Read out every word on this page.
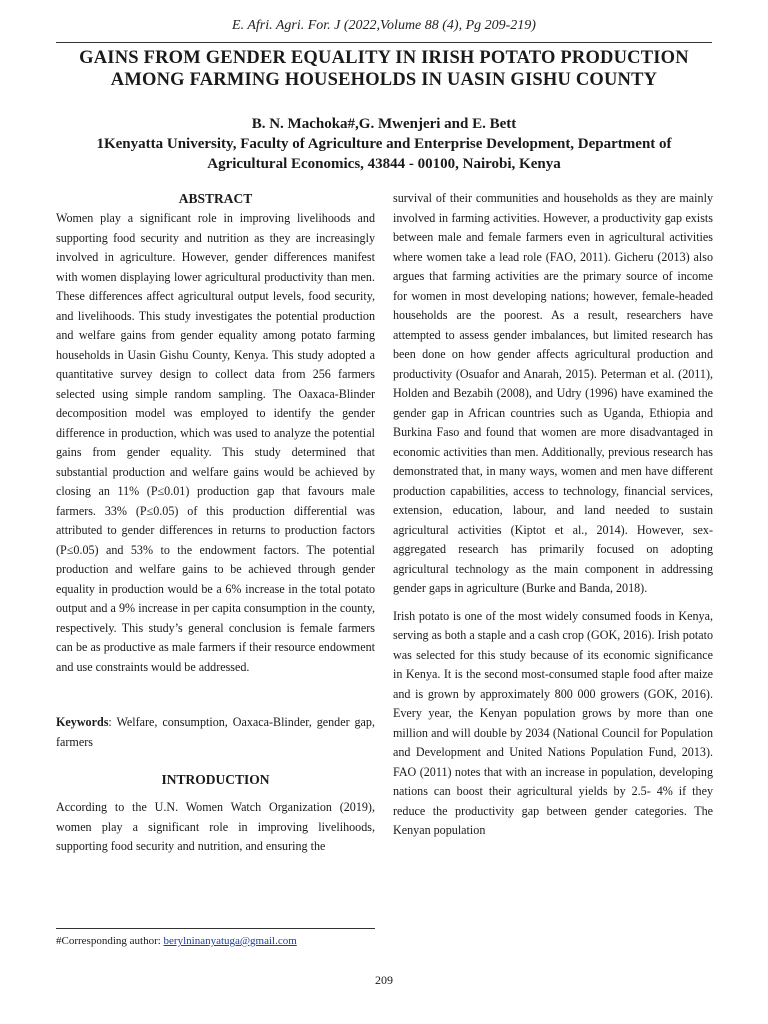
E. Afri. Agri. For. J (2022,Volume 88 (4), Pg 209-219)
GAINS FROM GENDER EQUALITY IN IRISH POTATO PRODUCTION
AMONG FARMING HOUSEHOLDS IN UASIN GISHU COUNTY
B. N. Machoka#,G. Mwenjeri and E. Bett
1Kenyatta University, Faculty of Agriculture and Enterprise Development, Department of
Agricultural Economics, 43844 - 00100, Nairobi, Kenya
ABSTRACT

Women play a significant role in improving livelihoods and supporting food security and nutrition as they are increasingly involved in agriculture. However, gender differences manifest with women displaying lower agricultural productivity than men. These differences affect agricultural output levels, food security, and livelihoods. This study investigates the potential production and welfare gains from gender equality among potato farming households in Uasin Gishu County, Kenya. This study adopted a quantitative survey design to collect data from 256 farmers selected using simple random sampling. The Oaxaca-Blinder decomposition model was employed to identify the gender difference in production, which was used to analyze the potential gains from gender equality. This study determined that substantial production and welfare gains would be achieved by closing an 11% (P≤0.01) production gap that favours male farmers. 33% (P≤0.05) of this production differential was attributed to gender differences in returns to production factors (P≤0.05) and 53% to the endowment factors. The potential production and welfare gains to be achieved through gender equality in production would be a 6% increase in the total potato output and a 9% increase in per capita consumption in the county, respectively. This study’s general conclusion is female farmers can be as productive as male farmers if their resource endowment and use constraints would be addressed.

Keywords: Welfare, consumption, Oaxaca-Blinder, gender gap, farmers

INTRODUCTION

According to the U.N. Women Watch Organization (2019), women play a significant role in improving livelihoods, supporting food security and nutrition, and ensuring the

survival of their communities and households as they are mainly involved in farming activities. However, a productivity gap exists between male and female farmers even in agricultural activities where women take a lead role (FAO, 2011). Gicheru (2013) also argues that farming activities are the primary source of income for women in most developing nations; however, female-headed households are the poorest. As a result, researchers have attempted to assess gender imbalances, but limited research has been done on how gender affects agricultural production and productivity (Osuafor and Anarah, 2015). Peterman et al. (2011), Holden and Bezabih (2008), and Udry (1996) have examined the gender gap in African countries such as Uganda, Ethiopia and Burkina Faso and found that women are more disadvantaged in economic activities than men. Additionally, previous research has demonstrated that, in many ways, women and men have different production capabilities, access to technology, financial services, extension, education, labour, and land needed to sustain agricultural activities (Kiptot et al., 2014). However, sex-aggregated research has primarily focused on adopting agricultural technology as the main component in addressing gender gaps in agriculture (Burke and Banda, 2018).

Irish potato is one of the most widely consumed foods in Kenya, serving as both a staple and a cash crop (GOK, 2016). Irish potato was selected for this study because of its economic significance in Kenya. It is the second most-consumed staple food after maize and is grown by approximately 800 000 growers (GOK, 2016). Every year, the Kenyan population grows by more than one million and will double by 2034 (National Council for Population and Development and United Nations Population Fund, 2013). FAO (2011) notes that with an increase in population, developing nations can boost their agricultural yields by 2.5- 4% if they reduce the productivity gap between gender categories. The Kenyan population

#Corresponding author: berylninanyatuga@gmail.com
209
